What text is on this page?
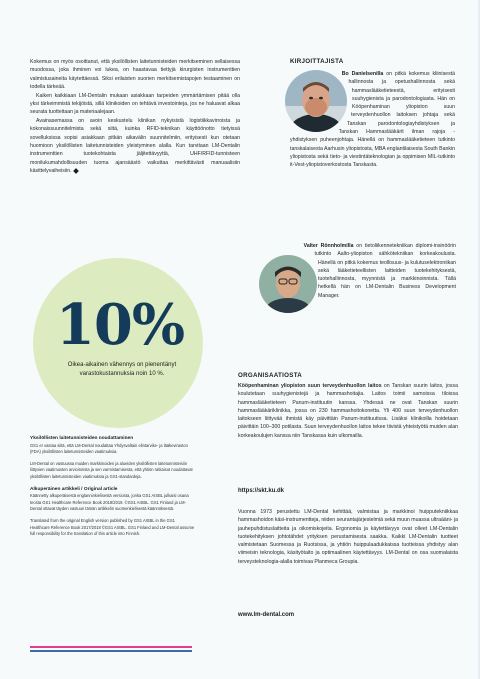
Kokemus on myös osoittanut, että yksilöllisten laitetunnisteiden merkitseminen sellaisessa muodossa, joka ihminen voi lukea, on haastavaa tiettyjä kirurgisten instrumenttien valmistusaineita käytettäessä. Siksi erilaisten suorien merkitsemistapojen testaaminen on todella tärkeää.

Kaiken kaikkiaan LM-Dentalin mukaan asiakkaan tarpeiden ymmärtämisen pitää olla yksi tärkeimmistä tekijöistä, sillä klinikoiden on tehtävä investointeja, jos ne haluavat alkaa seurata tuotteitaan ja materiaalejaan.

Avainasemassa on avoin keskustelu klinikan nykyisistä logistiikkavirroista ja kokonaissuunnitelmista sekä siitä, kuinka RFID-teknikan käyttöönotto tietyissä sovelluksissa sopisi asiakkaan pitkän aikavälin suunnitelmiin, erityisesti kun otetaan huomioon yksilöllisten laitetunnisteiden yleistyminen alalla. Kun tarvitaan LM-Dentalin instrumenttien tuotekohtaista jäljitettävyyttä, UHF/RFID-tunnisteen monilukumahdollisuuden tuoma ajansäästö vaikuttaa merkittävästi manuaalisiin käsittelyvaiheisiin.

10%
Oikea-aikainen vähennys on pienentänyt varastokustannuksia noin 10 %.

Yksilöllisten laitetunnisteiden noudattaminen
GS1 er vastaa siitä, että LM-Dental noudattaa Yhdysvaltain elintarvike- ja lääkeviraston (FDA) yksilöllisten laitetunnisteiden vaatimuksia.

LM-Dental on vastuussa muiden markkinoiden ja alueiden yksilöllisten laitetunnisteisiin liittyvien vaatimusten arvioinnista ja sen varmistamisesta, että yhtiön ratkaisut noudattavat yksilöllisten laitetunnisteiden vaatimuksia ja GS1-standardeja.

Alkuperäinen artikkeli / Original article
Käännetty alkuperäisestä englanninkielisestä versiosta, jonka GS1 AISBL julkaisi osana teosta GS1 Healthcare Reference Book 2018/2019. ©GS1 AISBL. GS1 Finland ja LM-Dental ottavat täyden vastuun tämän artikkelin suomenkielisestä käännöksestä.

Translated from the original English version published by GS1 AISBL in the GS1 Healthcare Reference Book 2017/2018 ©GS1 AISBL. GS1 Finland and LM-Dental assume full responsibility for the translation of this article into Finnish.

KIRJOITTAJISTA
Bo Danielsenilla on pitkä kokemus kliinisestä hallinnosta ja opetushallinnosta sekä hammaslääketieteestä, erityisesti suuhygienista ja parodontologiasta. Hän on Kööpenhaminan yliopiston suun terveydenhuollon laitoksen johtaja sekä Tanskan parodontologiayhdistyksen ja Tanskan Hammaslääkärit ilman rajoja -yhdistyksen puheenjohtaja. Hänellä on hammaslääketieteen tutkinto tanskalaisesta Aarhusin yliopistosta, MBA englantilaisesta South Bankin yliopistosta sekä tieto- ja viestintäteknologian ja oppimisen MIL-tutkinto it-Vest-yliopistoverkostosta Tanskasta.
Valter Rönnholmilla on tietoliikennetekniikan diplomi-insinöörin tutkinto Aalto-yliopiston sähkötekniikan korkeakoulusta. Hänellä on pitkä kokemus teollisuus- ja kulutuselektroniikan sekä lääketieteellisten laitteiden tuotekehityksestä, tuotehallinnosta, myynnistä ja markkinoinnista. Tällä hetkellä hän on LM-Dentalin Business Development Manager.
ORGANISAATIOSTA
Kööpenhaminan yliopiston suun terveydenhuollon laitos on Tanskan suurin laitos, jossa koulutetaan suuhygienistejä ja hammashoitajia. Laitos toimii samoissa tiloissa hammaslääketieteen Panum-instituutin kanssa. Yhdessä ne ovat Tanskan suurin hammaslääkäriklinikka, jossa on 230 hammashoitokonetta. Yli 400 suun terveydenhuollon laitokseen liittyvää ihmistä käy päivittäin Panum-instituutissa. Lisäksi klinikoilla hoidetaan päivittäin 100–300 potilasta. Suun terveydenhuollon laitos tekee tiivistä yhteistyötä muiden alan korkeakoulujen kanssa niin Tanskassa kuin ulkomailla.
https://skt.ku.dk
Vuonna 1973 perustettu LM-Dental kehittää, valmistaa ja markkinoi huipputekniikkaa hammashoidon käsi-instrumentteja, niiden seurantajärjestelmiä sekä muun muassa ultraääni- ja jauhepuhdistuslaitteita ja oikomiskojeita. Ergonomia ja käytettävyys ovat olleet LM-Dentalin tuotekehityksen johtotähdet yrityksen perustamisesta saakka. Kaikki LM-Dentalin tuotteet valmistetaan Suomessa ja Ruotsissa, ja yhtiön huippulaadukkaissa tuotteissa yhdistyy alan viimeisin teknologia, käsityötaito ja optimaalinen käytettävyys. LM-Dental on osa suomalaista terveysteknologia-alalla toimivaa Planmeca Groupia.
www.lm-dental.com
